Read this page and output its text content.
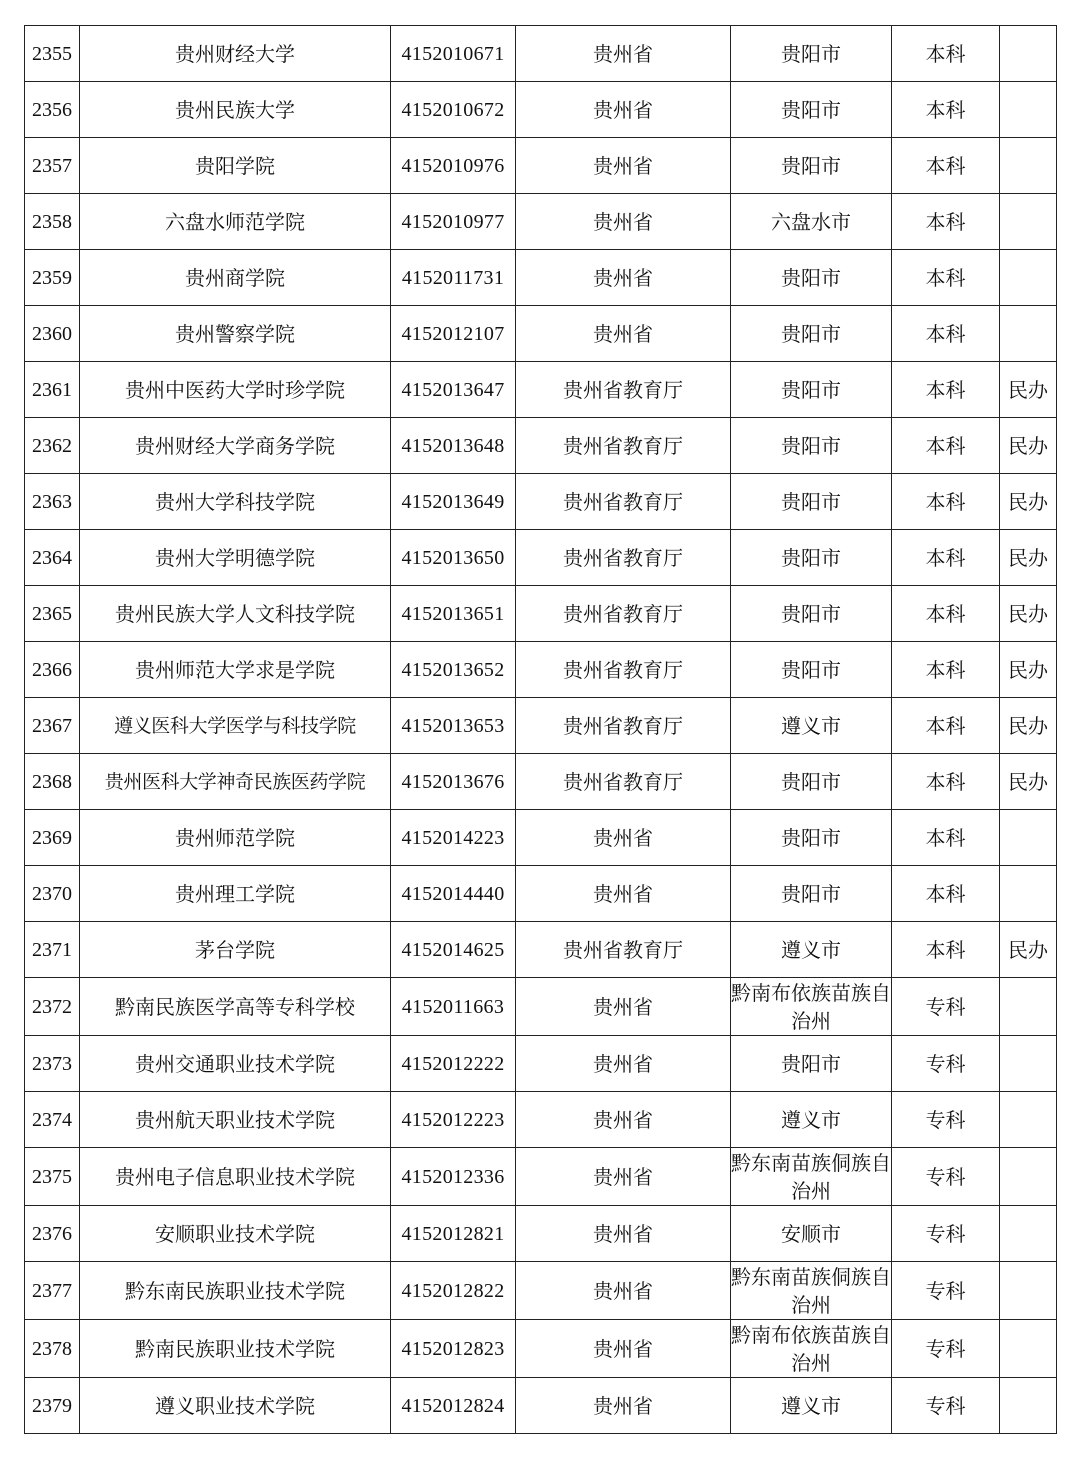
2355	贵州财经大学	4152010671	贵州省	贵阳市	本科	
2356	贵州民族大学	4152010672	贵州省	贵阳市	本科	
2357	贵阳学院	4152010976	贵州省	贵阳市	本科	
2358	六盘水师范学院	4152010977	贵州省	六盘水市	本科	
2359	贵州商学院	4152011731	贵州省	贵阳市	本科	
2360	贵州警察学院	4152012107	贵州省	贵阳市	本科	
2361	贵州中医药大学时珍学院	4152013647	贵州省教育厅	贵阳市	本科	民办
2362	贵州财经大学商务学院	4152013648	贵州省教育厅	贵阳市	本科	民办
2363	贵州大学科技学院	4152013649	贵州省教育厅	贵阳市	本科	民办
2364	贵州大学明德学院	4152013650	贵州省教育厅	贵阳市	本科	民办
2365	贵州民族大学人文科技学院	4152013651	贵州省教育厅	贵阳市	本科	民办
2366	贵州师范大学求是学院	4152013652	贵州省教育厅	贵阳市	本科	民办
2367	遵义医科大学医学与科技学院	4152013653	贵州省教育厅	遵义市	本科	民办
2368	贵州医科大学神奇民族医药学院	4152013676	贵州省教育厅	贵阳市	本科	民办
2369	贵州师范学院	4152014223	贵州省	贵阳市	本科	
2370	贵州理工学院	4152014440	贵州省	贵阳市	本科	
2371	茅台学院	4152014625	贵州省教育厅	遵义市	本科	民办
2372	黔南民族医学高等专科学校	4152011663	贵州省	黔南布依族苗族自治州	专科	
2373	贵州交通职业技术学院	4152012222	贵州省	贵阳市	专科	
2374	贵州航天职业技术学院	4152012223	贵州省	遵义市	专科	
2375	贵州电子信息职业技术学院	4152012336	贵州省	黔东南苗族侗族自治州	专科	
2376	安顺职业技术学院	4152012821	贵州省	安顺市	专科	
2377	黔东南民族职业技术学院	4152012822	贵州省	黔东南苗族侗族自治州	专科	
2378	黔南民族职业技术学院	4152012823	贵州省	黔南布依族苗族自治州	专科	
2379	遵义职业技术学院	4152012824	贵州省	遵义市	专科	
